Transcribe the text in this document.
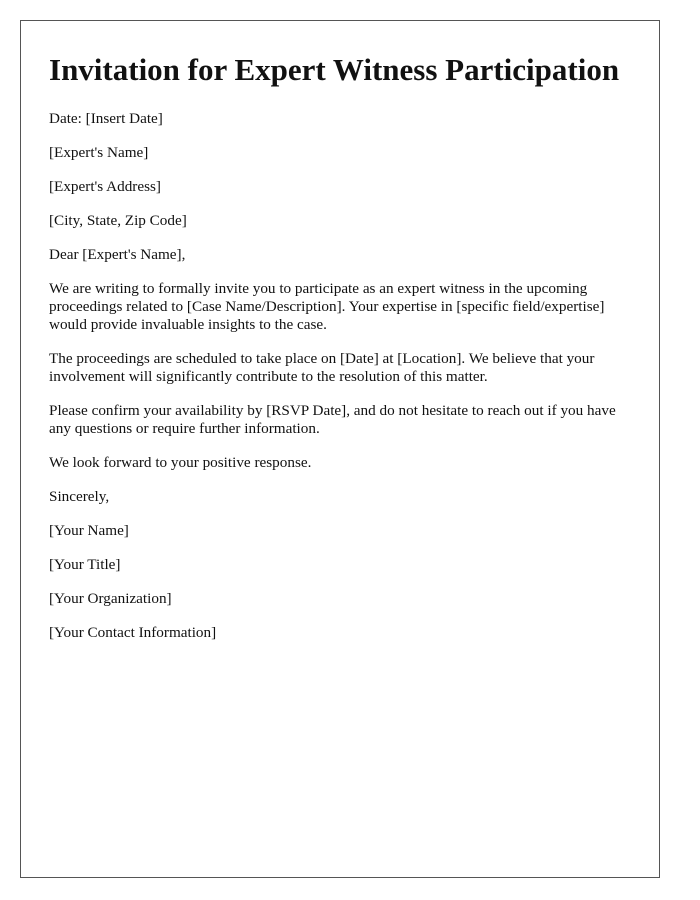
Invitation for Expert Witness Participation

Date: [Insert Date]

[Expert's Name]

[Expert's Address]

[City, State, Zip Code]

Dear [Expert's Name],

We are writing to formally invite you to participate as an expert witness in the upcoming proceedings related to [Case Name/Description]. Your expertise in [specific field/expertise] would provide invaluable insights to the case.

The proceedings are scheduled to take place on [Date] at [Location]. We believe that your involvement will significantly contribute to the resolution of this matter.

Please confirm your availability by [RSVP Date], and do not hesitate to reach out if you have any questions or require further information.

We look forward to your positive response.

Sincerely,

[Your Name]

[Your Title]

[Your Organization]

[Your Contact Information]
